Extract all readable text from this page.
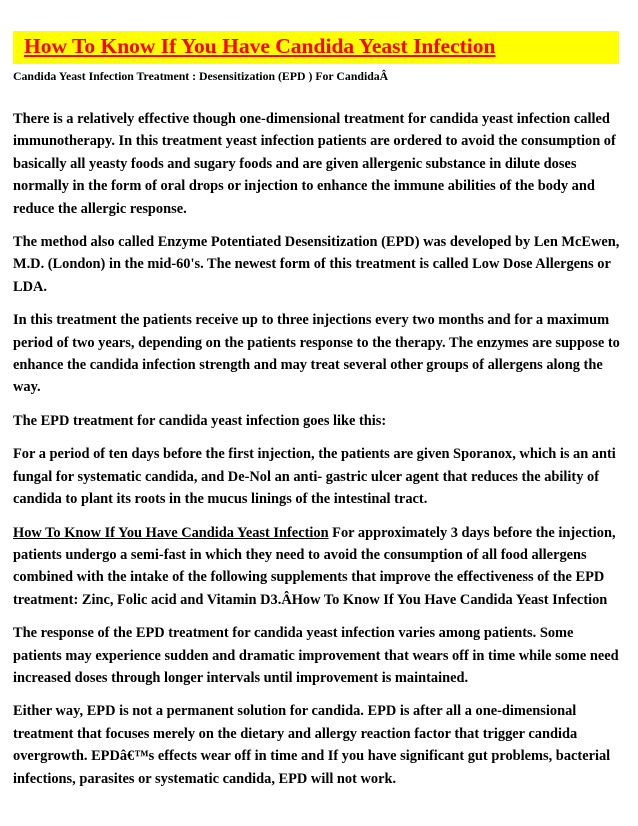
How To Know If You Have Candida Yeast Infection
Candida Yeast Infection Treatment : Desensitization (EPD ) For CandidaÂ

There is a relatively effective though one-dimensional treatment for candida yeast infection called immunotherapy. In this treatment yeast infection patients are ordered to avoid the consumption of basically all yeasty foods and sugary foods and are given allergenic substance in dilute doses normally in the form of oral drops or injection to enhance the immune abilities of the body and reduce the allergic response.

The method also called Enzyme Potentiated Desensitization (EPD) was developed by Len McEwen, M.D. (London) in the mid-60's. The newest form of this treatment is called Low Dose Allergens or LDA.

In this treatment the patients receive up to three injections every two months and for a maximum period of two years, depending on the patients response to the therapy. The enzymes are suppose to enhance the candida infection strength and may treat several other groups of allergens along the way.

The EPD treatment for candida yeast infection goes like this:

For a period of ten days before the first injection, the patients are given Sporanox, which is an anti fungal for systematic candida, and De-Nol an anti- gastric ulcer agent that reduces the ability of candida to plant its roots in the mucus linings of the intestinal tract.

How To Know If You Have Candida Yeast Infection For approximately 3 days before the injection, patients undergo a semi-fast in which they need to avoid the consumption of all food allergens combined with the intake of the following supplements that improve the effectiveness of the EPD treatment: Zinc, Folic acid and Vitamin D3.ÂHow To Know If You Have Candida Yeast Infection

The response of the EPD treatment for candida yeast infection varies among patients. Some patients may experience sudden and dramatic improvement that wears off in time while some need increased doses through longer intervals until improvement is maintained.

Either way, EPD is not a permanent solution for candida. EPD is after all a one-dimensional treatment that focuses merely on the dietary and allergy reaction factor that trigger candida overgrowth. EPDâ€™s effects wear off in time and If you have significant gut problems, bacterial infections, parasites or systematic candida, EPD will not work.
